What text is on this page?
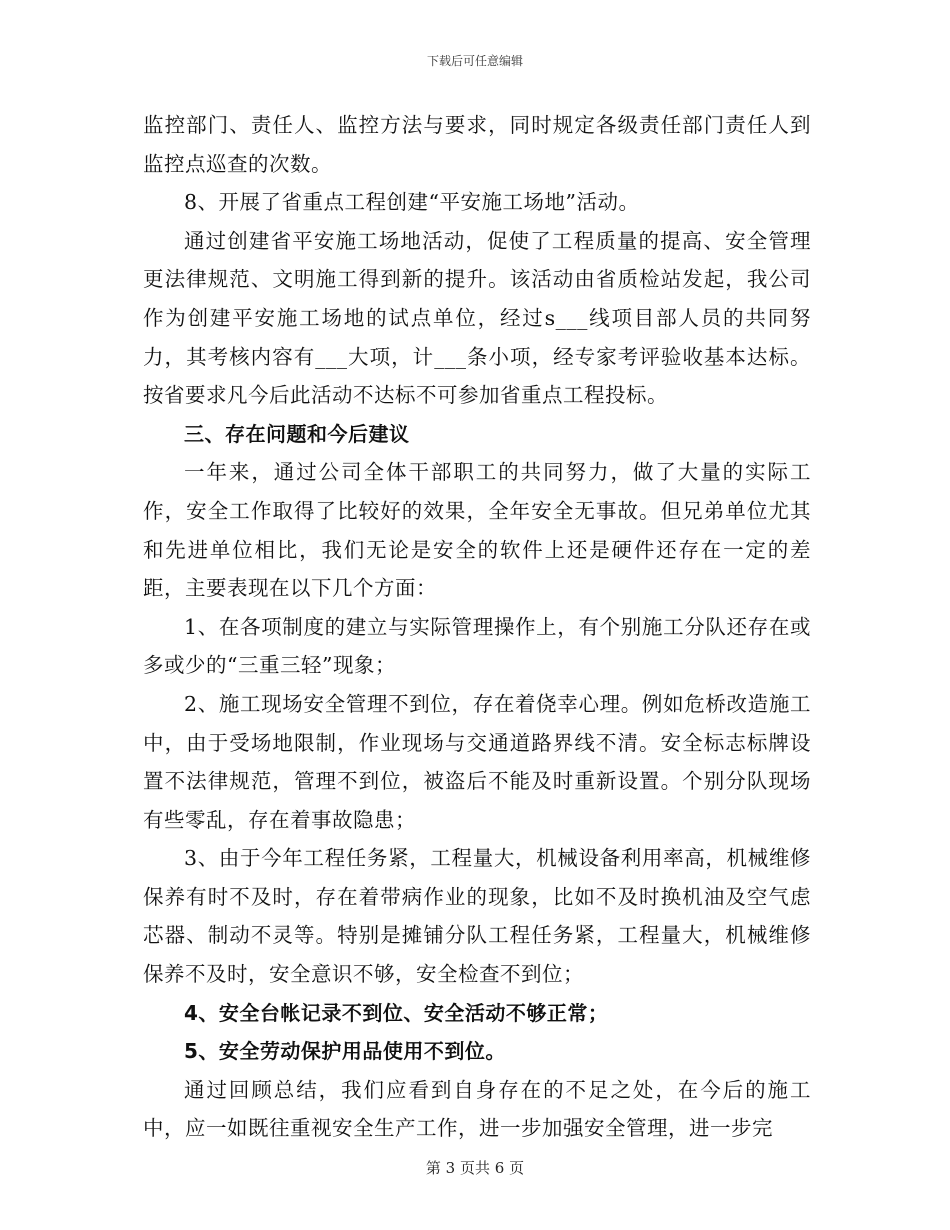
下载后可任意编辑

监控部门、责任人、监控方法与要求，同时规定各级责任部门责任人到监控点巡查的次数。

8、开展了省重点工程创建“平安施工场地”活动。

通过创建省平安施工场地活动，促使了工程质量的提高、安全管理更法律规范、文明施工得到新的提升。该活动由省质检站发起，我公司作为创建平安施工场地的试点单位，经过s___线项目部人员的共同努力，其考核内容有___大项，计___条小项，经专家考评验收基本达标。按省要求凡今后此活动不达标不可参加省重点工程投标。

三、存在问题和今后建议

一年来，通过公司全体干部职工的共同努力，做了大量的实际工作，安全工作取得了比较好的效果，全年安全无事故。但兄弟单位尤其和先进单位相比，我们无论是安全的软件上还是硬件还存在一定的差距，主要表现在以下几个方面：

1、在各项制度的建立与实际管理操作上，有个别施工分队还存在或多或少的“三重三轻”现象；

2、施工现场安全管理不到位，存在着侥幸心理。例如危桥改造施工中，由于受场地限制，作业现场与交通道路界线不清。安全标志标牌设置不法律规范，管理不到位，被盗后不能及时重新设置。个别分队现场有些零乱，存在着事故隐患；

3、由于今年工程任务紧，工程量大，机械设备利用率高，机械维修保养有时不及时，存在着带病作业的现象，比如不及时换机油及空气虑芯器、制动不灵等。特别是摊铺分队工程任务紧，工程量大，机械维修保养不及时，安全意识不够，安全检查不到位；

4、安全台帐记录不到位、安全活动不够正常；

5、安全劳动保护用品使用不到位。

通过回顾总结，我们应看到自身存在的不足之处，在今后的施工中，应一如既往重视安全生产工作，进一步加强安全管理，进一步完

第 3 页共 6 页
